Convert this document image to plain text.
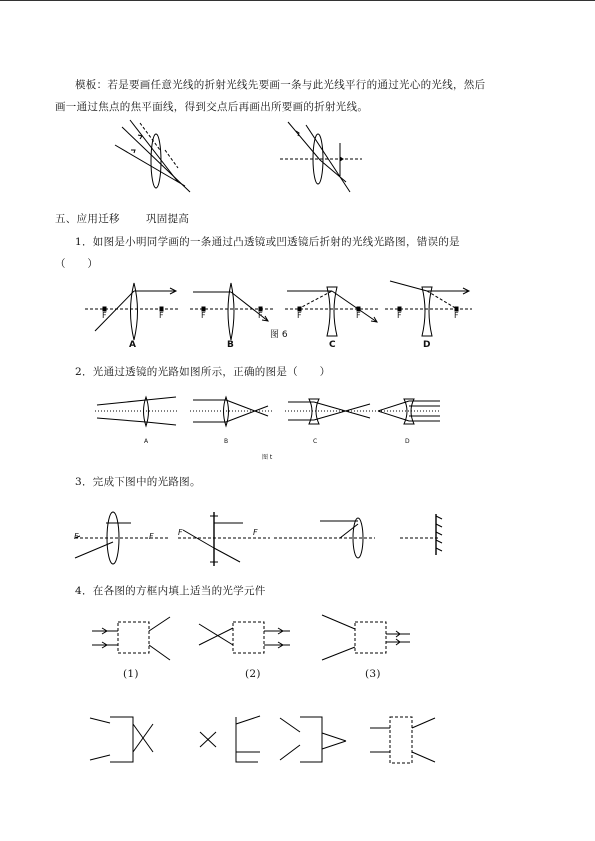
模板：若是要画任意光线的折射光线先要画一条与此光线平行的通过光心的光线，然后
画一通过焦点的焦平面线，得到交点后再画出所要画的折射光线。
五、应用迁移 巩固提高
1．如图是小明同学画的一条通过凸透镜或凹透镜后折射的光线光路图，错误的是
（　　）
F	F	F	F	F	F	F	F
图 6
A	B	C	D
2．光通过透镜的光路如图所示，正确的图是（　　）
A	B	C	D
图 t
3．完成下图中的光路图。
F	F	F	F
4．在各图的方框内填上适当的光学元件
(1)	(2)	(3)
